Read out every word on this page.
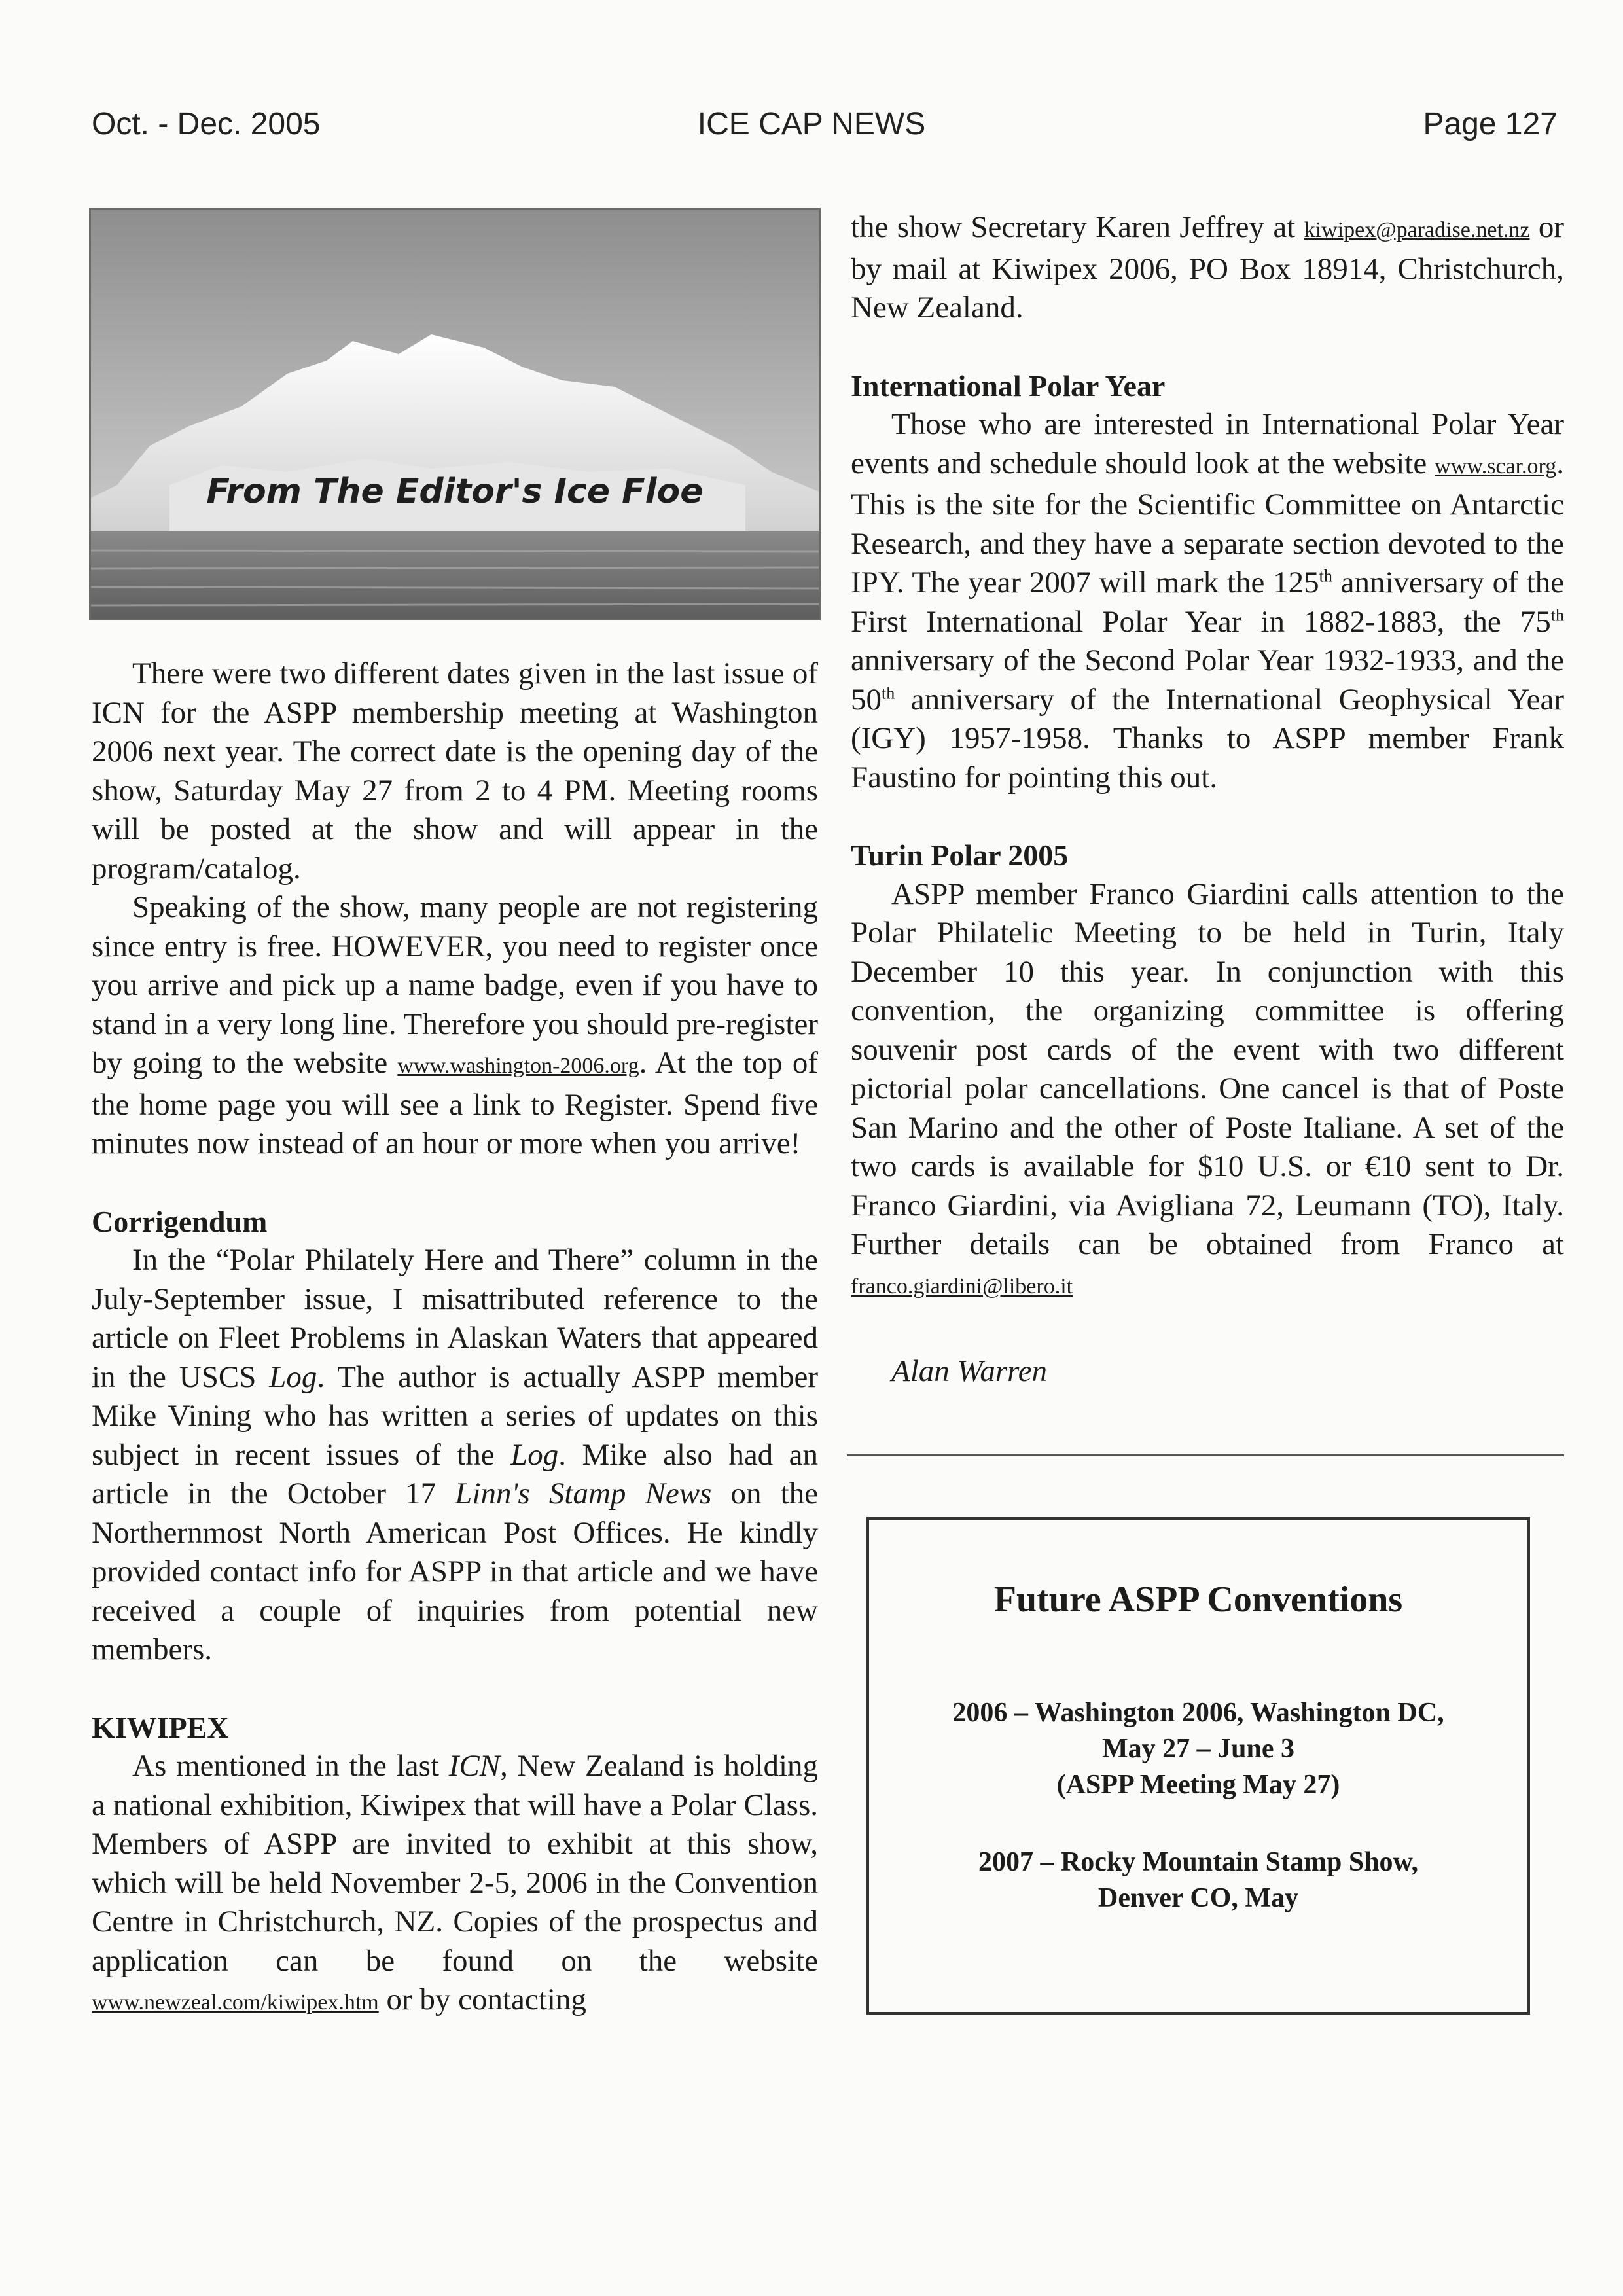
Oct. - Dec. 2005	ICE CAP NEWS	Page 127
From The Editor's Ice Floe

There were two different dates given in the last issue of ICN for the ASPP membership meeting at Washington 2006 next year. The correct date is the opening day of the show, Saturday May 27 from 2 to 4 PM. Meeting rooms will be posted at the show and will appear in the program/catalog.

Speaking of the show, many people are not registering since entry is free. HOWEVER, you need to register once you arrive and pick up a name badge, even if you have to stand in a very long line. Therefore you should pre-register by going to the website www.washington-2006.org. At the top of the home page you will see a link to Register. Spend five minutes now instead of an hour or more when you arrive!

Corrigendum

In the “Polar Philately Here and There” column in the July-September issue, I misattributed reference to the article on Fleet Problems in Alaskan Waters that appeared in the USCS Log. The author is actually ASPP member Mike Vining who has written a series of updates on this subject in recent issues of the Log. Mike also had an article in the October 17 Linn's Stamp News on the Northernmost North American Post Offices. He kindly provided contact info for ASPP in that article and we have received a couple of inquiries from potential new members.

KIWIPEX

As mentioned in the last ICN, New Zealand is holding a national exhibition, Kiwipex that will have a Polar Class. Members of ASPP are invited to exhibit at this show, which will be held November 2-5, 2006 in the Convention Centre in Christchurch, NZ. Copies of the prospectus and application can be found on the website www.newzeal.com/kiwipex.htm or by contacting

the show Secretary Karen Jeffrey at kiwipex@paradise.net.nz or by mail at Kiwipex 2006, PO Box 18914, Christchurch, New Zealand.

International Polar Year

Those who are interested in International Polar Year events and schedule should look at the website www.scar.org. This is the site for the Scientific Committee on Antarctic Research, and they have a separate section devoted to the IPY. The year 2007 will mark the 125th anniversary of the First International Polar Year in 1882-1883, the 75th anniversary of the Second Polar Year 1932-1933, and the 50th anniversary of the International Geophysical Year (IGY) 1957-1958. Thanks to ASPP member Frank Faustino for pointing this out.

Turin Polar 2005

ASPP member Franco Giardini calls attention to the Polar Philatelic Meeting to be held in Turin, Italy December 10 this year. In conjunction with this convention, the organizing committee is offering souvenir post cards of the event with two different pictorial polar cancellations. One cancel is that of Poste San Marino and the other of Poste Italiane. A set of the two cards is available for $10 U.S. or €10 sent to Dr. Franco Giardini, via Avigliana 72, Leumann (TO), Italy. Further details can be obtained from Franco at franco.giardini@libero.it

Alan Warren
Future ASPP Conventions
2006 – Washington 2006, Washington DC,
May 27 – June 3
(ASPP Meeting May 27)
2007 – Rocky Mountain Stamp Show,
Denver CO, May
